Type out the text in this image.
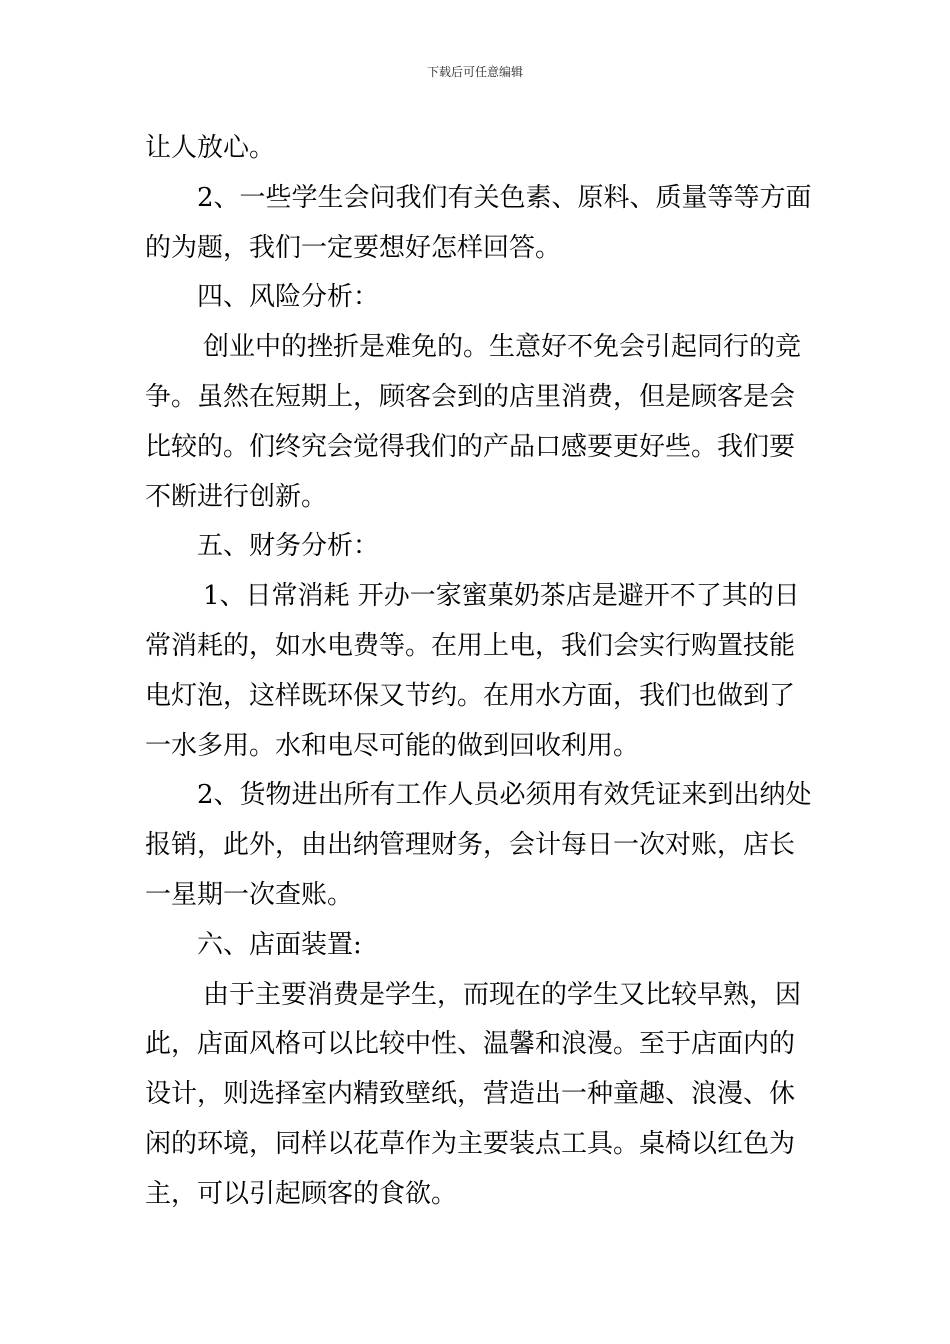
下载后可任意编辑
让人放心。
2、一些学生会问我们有关色素、原料、质量等等方面
的为题，我们一定要想好怎样回答。
四、风险分析：
创业中的挫折是难免的。生意好不免会引起同行的竞
争。虽然在短期上，顾客会到的店里消费，但是顾客是会
比较的。们终究会觉得我们的产品口感要更好些。我们要
不断进行创新。
五、财务分析：
1、日常消耗 开办一家蜜菓奶茶店是避开不了其的日
常消耗的，如水电费等。在用上电，我们会实行购置技能
电灯泡，这样既环保又节约。在用水方面，我们也做到了
一水多用。水和电尽可能的做到回收利用。
2、货物进出所有工作人员必须用有效凭证来到出纳处
报销，此外，由出纳管理财务，会计每日一次对账，店长
一星期一次查账。
六、店面装置:
由于主要消费是学生，而现在的学生又比较早熟，因
此，店面风格可以比较中性、温馨和浪漫。至于店面内的
设计，则选择室内精致壁纸，营造出一种童趣、浪漫、休
闲的环境，同样以花草作为主要装点工具。桌椅以红色为
主，可以引起顾客的食欲。
